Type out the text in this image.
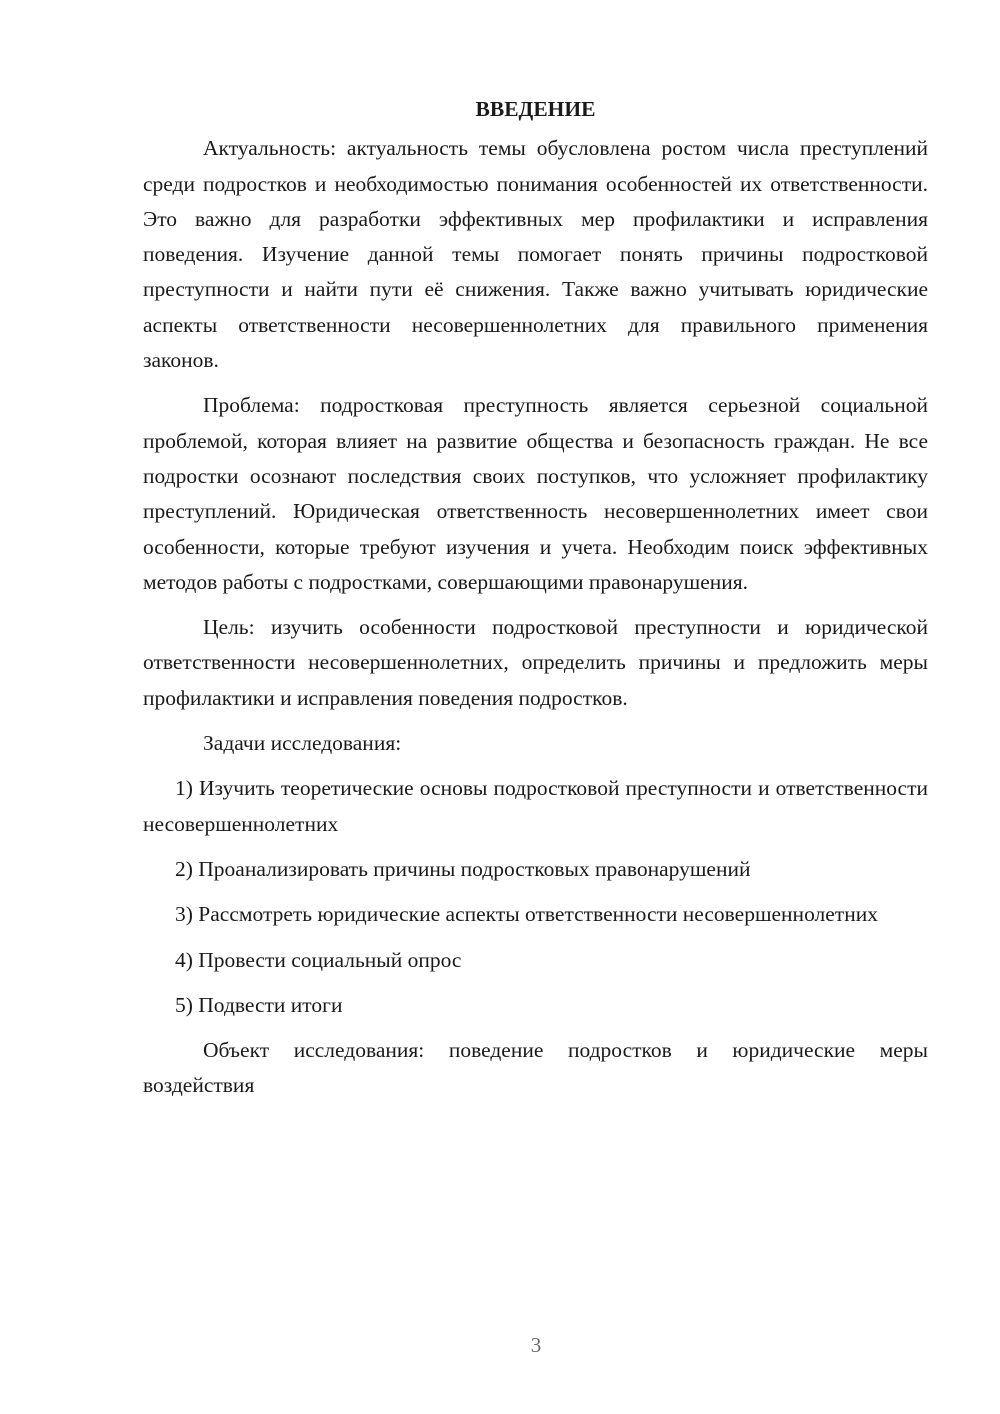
ВВЕДЕНИЕ

Актуальность: актуальность темы обусловлена ростом числа преступлений среди подростков и необходимостью понимания особенностей их ответственности. Это важно для разработки эффективных мер профилактики и исправления поведения. Изучение данной темы помогает понять причины подростковой преступности и найти пути её снижения. Также важно учитывать юридические аспекты ответственности несовершеннолетних для правильного применения законов.

Проблема: подростковая преступность является серьезной социальной проблемой, которая влияет на развитие общества и безопасность граждан. Не все подростки осознают последствия своих поступков, что усложняет профилактику преступлений. Юридическая ответственность несовершеннолетних имеет свои особенности, которые требуют изучения и учета. Необходим поиск эффективных методов работы с подростками, совершающими правонарушения.

Цель: изучить особенности подростковой преступности и юридической ответственности несовершеннолетних, определить причины и предложить меры профилактики и исправления поведения подростков.

Задачи исследования:

1) Изучить теоретические основы подростковой преступности и ответственности несовершеннолетних

2) Проанализировать причины подростковых правонарушений

3) Рассмотреть юридические аспекты ответственности несовершеннолетних

4) Провести социальный опрос

5) Подвести итоги

Объект исследования: поведение подростков и юридические меры воздействия

3
